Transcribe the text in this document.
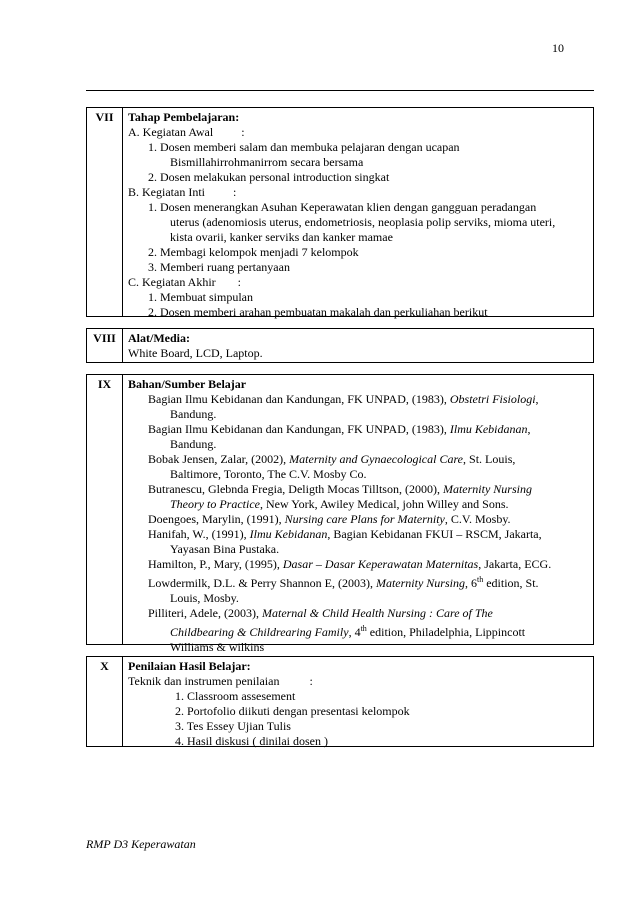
10
VII	Tahap Pembelajaran:
A. Kegiatan Awal :
1. Dosen memberi salam dan membuka pelajaran dengan ucapan
Bismillahirrohmanirrom secara bersama
2. Dosen melakukan personal introduction singkat
B. Kegiatan Inti :
1. Dosen menerangkan Asuhan Keperawatan klien dengan gangguan peradangan
uterus (adenomiosis uterus, endometriosis, neoplasia polip serviks, mioma uteri,
kista ovarii, kanker serviks dan kanker mamae
2. Membagi kelompok menjadi 7 kelompok
3. Memberi ruang pertanyaan
C. Kegiatan Akhir :
1. Membuat simpulan
2. Dosen memberi arahan pembuatan makalah dan perkuliahan berikut
VIII	Alat/Media:
White Board, LCD, Laptop.
IX	Bahan/Sumber Belajar
Bagian Ilmu Kebidanan dan Kandungan, FK UNPAD, (1983), Obstetri Fisiologi,
Bandung.
Bagian Ilmu Kebidanan dan Kandungan, FK UNPAD, (1983), Ilmu Kebidanan,
Bandung.
Bobak Jensen, Zalar, (2002), Maternity and Gynaecological Care, St. Louis,
Baltimore, Toronto, The C.V. Mosby Co.
Butranescu, Glebnda Fregia, Deligth Mocas Tilltson, (2000), Maternity Nursing
Theory to Practice, New York, Awiley Medical, john Willey and Sons.
Doengoes, Marylin, (1991), Nursing care Plans for Maternity, C.V. Mosby.
Hanifah, W., (1991), Ilmu Kebidanan, Bagian Kebidanan FKUI – RSCM, Jakarta,
Yayasan Bina Pustaka.
Hamilton, P., Mary, (1995), Dasar – Dasar Keperawatan Maternitas, Jakarta, ECG.
Lowdermilk, D.L. & Perry Shannon E, (2003), Maternity Nursing, 6th edition, St.
Louis, Mosby.
Pilliteri, Adele, (2003), Maternal & Child Health Nursing : Care of The
Childbearing & Childrearing Family, 4th edition, Philadelphia, Lippincott
Williams & wilkins
X	Penilaian Hasil Belajar:
Teknik dan instrumen penilaian	:
1. Classroom assesement
2. Portofolio diikuti dengan presentasi kelompok
3. Tes Essey Ujian Tulis
4. Hasil diskusi ( dinilai dosen )
RMP D3 Keperawatan
